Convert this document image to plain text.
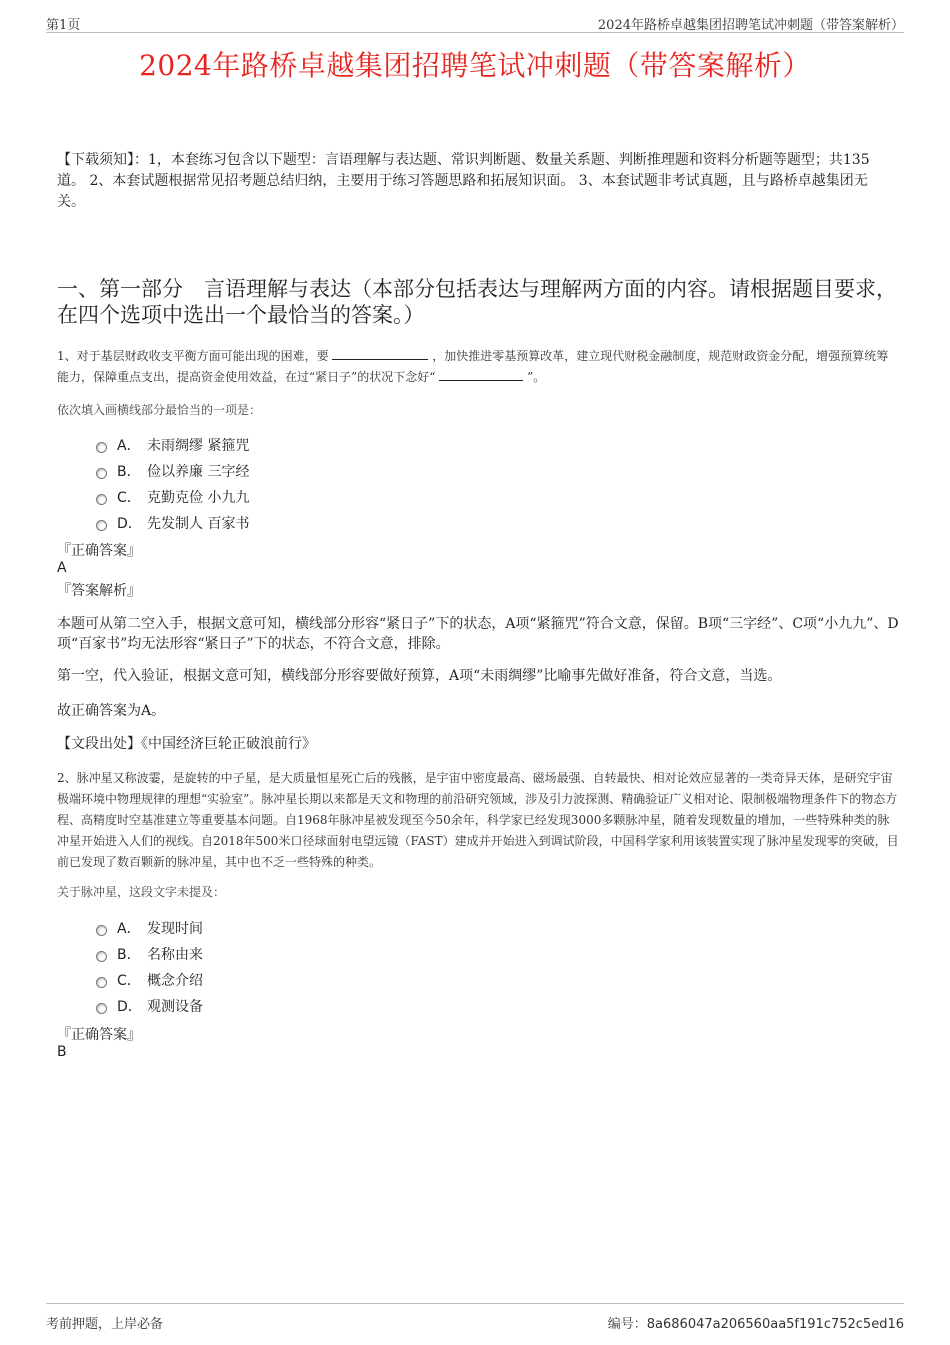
第1页	2024年路桥卓越集团招聘笔试冲刺题（带答案解析）
2024年路桥卓越集团招聘笔试冲刺题（带答案解析）
【下载须知】：1，本套练习包含以下题型：言语理解与表达题、常识判断题、数量关系题、判断推理题和资料分析题等题型；共135道。 2、本套试题根据常见招考题总结归纳，主要用于练习答题思路和拓展知识面。 3、本套试题非考试真题，且与路桥卓越集团无关。
一、第一部分　言语理解与表达（本部分包括表达与理解两方面的内容。请根据题目要求，在四个选项中选出一个最恰当的答案。）
1、对于基层财政收支平衡方面可能出现的困难，要	，加快推进零基预算改革，建立现代财税金融制度，规范财政资金分配，增强预算统筹能力，保障重点支出，提高资金使用效益，在过“紧日子”的状况下念好“	”。
依次填入画横线部分最恰当的一项是：
A． 未雨绸缪 紧箍咒
B． 俭以养廉 三字经
C． 克勤克俭 小九九
D． 先发制人 百家书
『正确答案』
A
『答案解析』
本题可从第二空入手，根据文意可知，横线部分形容“紧日子”下的状态，A项“紧箍咒”符合文意，保留。B项“三字经”、C项“小九九”、D项“百家书”均无法形容“紧日子”下的状态，不符合文意，排除。
第一空，代入验证，根据文意可知，横线部分形容要做好预算，A项“未雨绸缪”比喻事先做好准备，符合文意，当选。
故正确答案为A。
【文段出处】《中国经济巨轮正破浪前行》
2、脉冲星又称波霎，是旋转的中子星，是大质量恒星死亡后的残骸，是宇宙中密度最高、磁场最强、自转最快、相对论效应显著的一类奇异天体，是研究宇宙极端环境中物理规律的理想“实验室”。脉冲星长期以来都是天文和物理的前沿研究领域，涉及引力波探测、精确验证广义相对论、限制极端物理条件下的物态方程、高精度时空基准建立等重要基本问题。自1968年脉冲星被发现至今50余年，科学家已经发现3000多颗脉冲星，随着发现数量的增加，一些特殊种类的脉冲星开始进入人们的视线。自2018年500米口径球面射电望远镜（FAST）建成并开始进入到调试阶段，中国科学家利用该装置实现了脉冲星发现零的突破，目前已发现了数百颗新的脉冲星，其中也不乏一些特殊的种类。
关于脉冲星，这段文字未提及：
A． 发现时间
B． 名称由来
C． 概念介绍
D． 观测设备
『正确答案』
B
考前押题，上岸必备	编号：8a686047a206560aa5f191c752c5ed16
